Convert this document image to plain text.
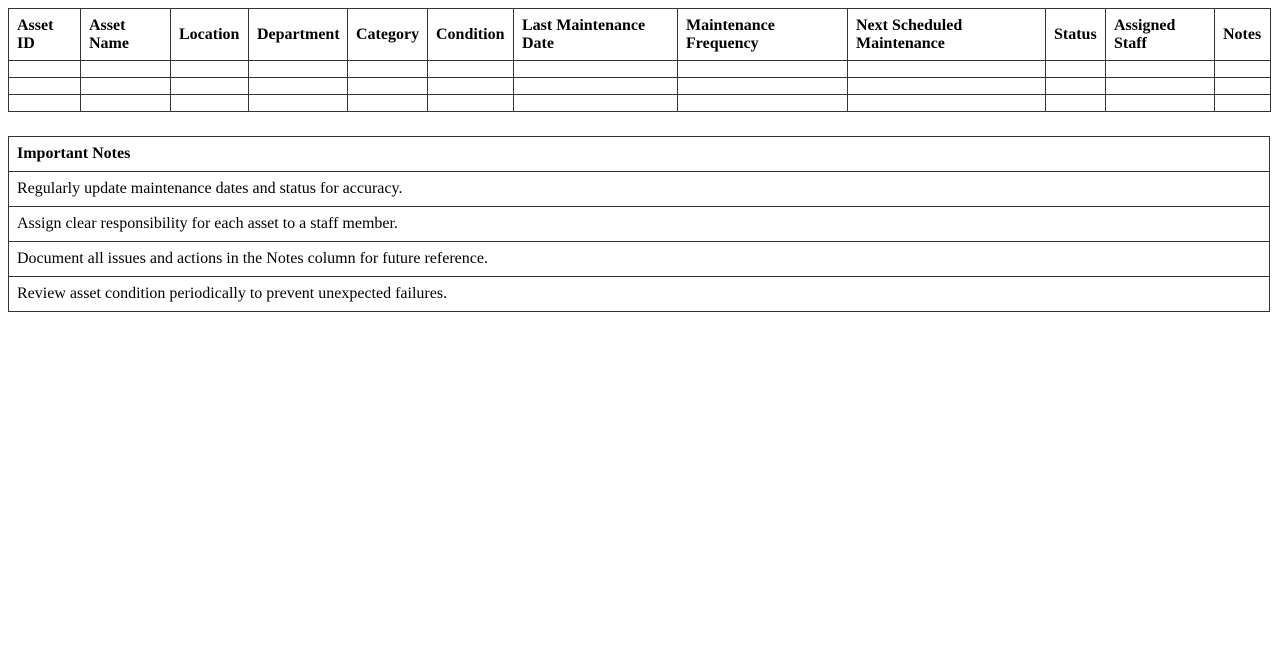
Asset ID	Asset Name	Location	Department	Category	Condition	Last Maintenance Date	Maintenance Frequency	Next Scheduled Maintenance	Status	Assigned Staff	Notes

Important Notes
Regularly update maintenance dates and status for accuracy.
Assign clear responsibility for each asset to a staff member.
Document all issues and actions in the Notes column for future reference.
Review asset condition periodically to prevent unexpected failures.
